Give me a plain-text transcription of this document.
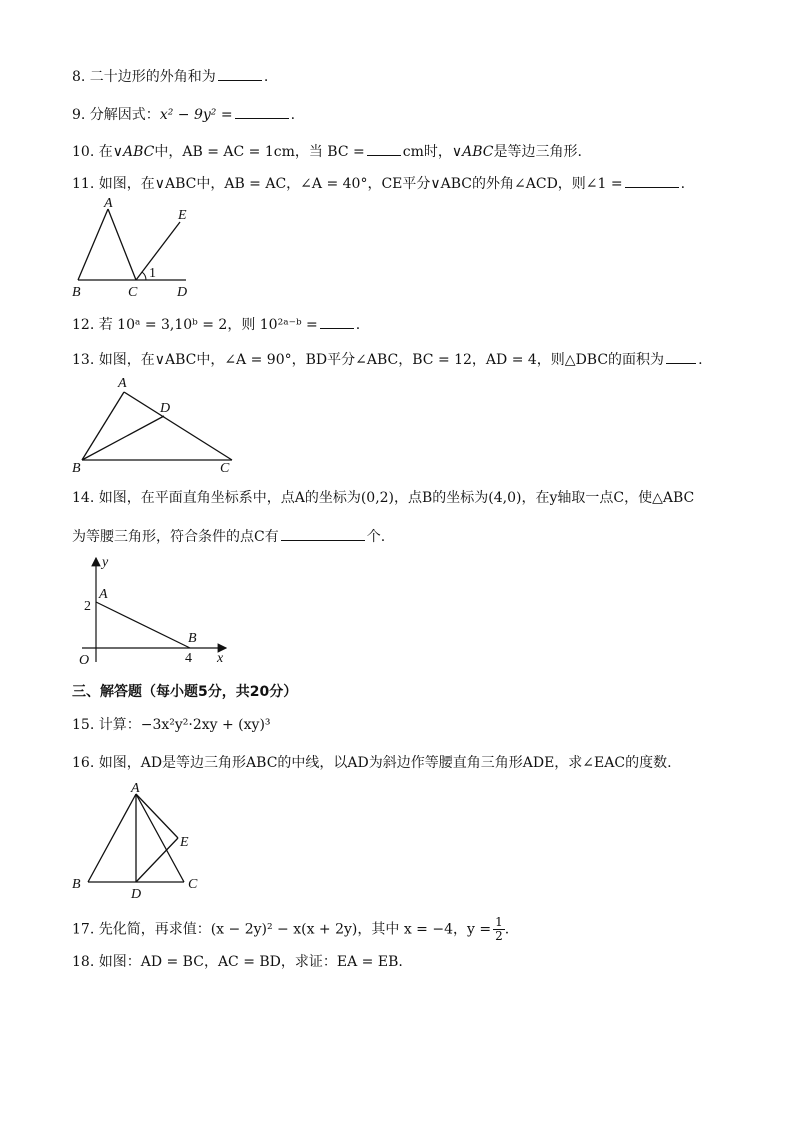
8. 二十边形的外角和为	.
9. 分解因式：x² − 9y² =	.
10. 在∨ABC中，AB = AC = 1cm，当 BC =	cm时，∨ABC是等边三角形.
11. 如图，在∨ABC中，AB = AC，∠A = 40°，CE平分∨ABC的外角∠ACD，则∠1 =	.
A
B	C	D
E
1
12. 若 10ᵃ = 3,10ᵇ = 2，则 10²ᵃ⁻ᵇ =	.
13. 如图，在∨ABC中，∠A = 90°，BD平分∠ABC，BC = 12，AD = 4，则△DBC的面积为 .
A
B	C
D
14. 如图，在平面直角坐标系中，点A的坐标为(0,2)，点B的坐标为(4,0)，在y轴取一点C，使△ABC
为等腰三角形，符合条件的点C有	个.
y
x
O
A
B
2
4
三、解答题（每小题5分，共20分）
15. 计算：−3x²y²·2xy + (xy)³
16. 如图，AD是等边三角形ABC的中线，以AD为斜边作等腰直角三角形ADE，求∠EAC的度数.
A
B	C
D
E
17. 先化简，再求值：(x − 2y)² − x(x + 2y)，其中 x = −4，$y = \frac{1}{2}$ .
18. 如图：AD = BC，AC = BD，求证：EA = EB.
